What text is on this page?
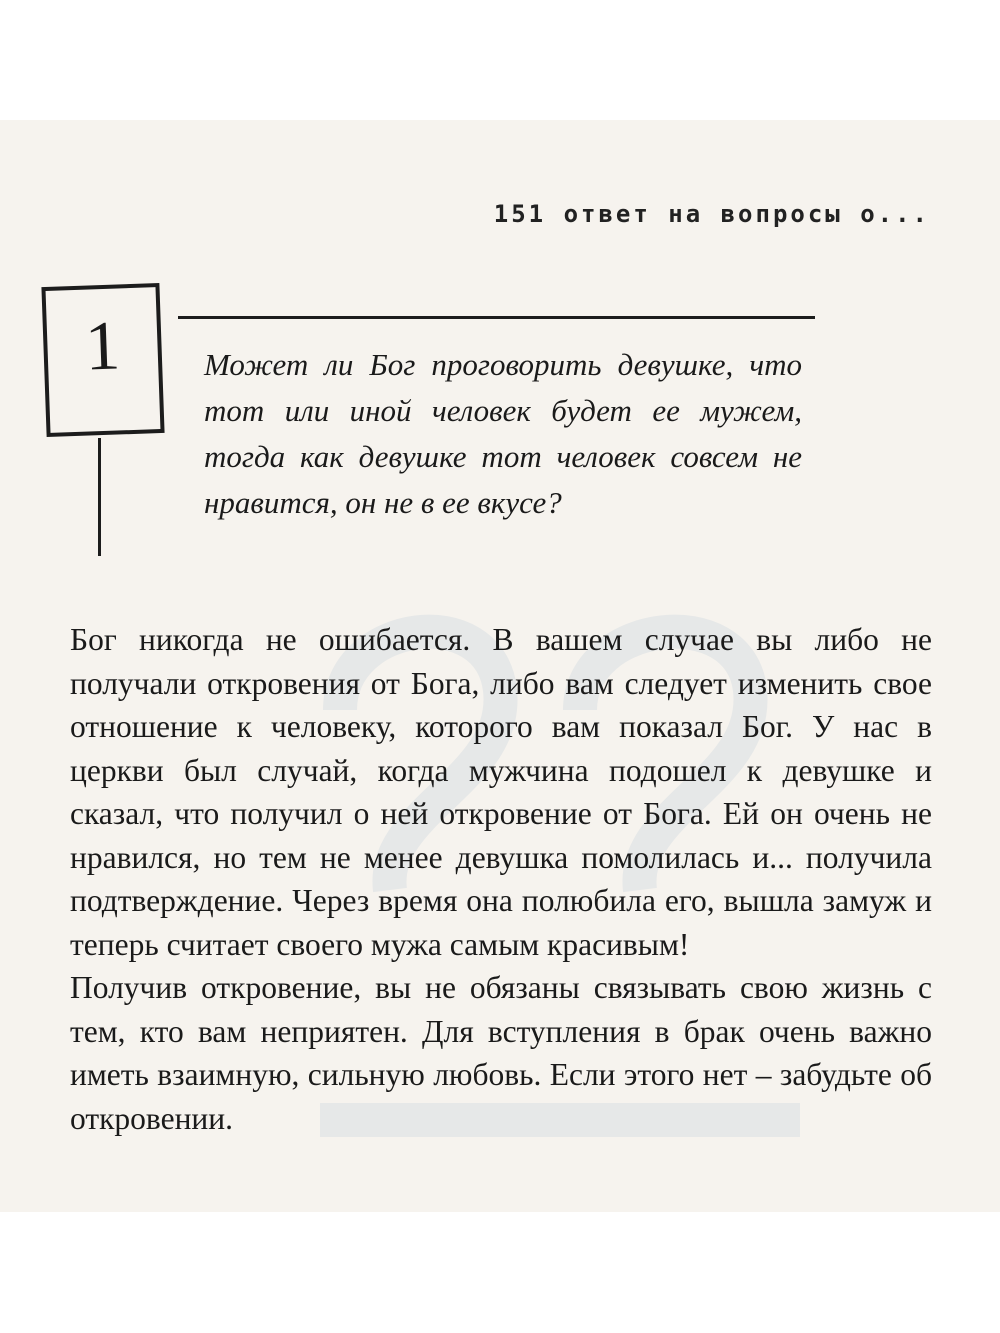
151 ответ на вопросы о...
1	Может ли Бог проговорить девушке, что тот или иной человек будет ее мужем, тогда как девушке тот человек совсем не нравится, он не в ее вкусе?

Бог никогда не ошибается. В вашем случае вы либо не получали откровения от Бога, либо вам следует изменить свое отношение к человеку, которого вам показал Бог. У нас в церкви был случай, когда мужчина подошел к девушке и сказал, что получил о ней откровение от Бога. Ей он очень не нравился, но тем не менее девушка помолилась и... получила подтверждение. Через время она полюбила его, вышла замуж и теперь считает своего мужа самым красивым!

Получив откровение, вы не обязаны связывать свою жизнь с тем, кто вам неприятен. Для вступления в брак очень важно иметь взаимную, сильную любовь. Если этого нет – забудьте об откровении.
